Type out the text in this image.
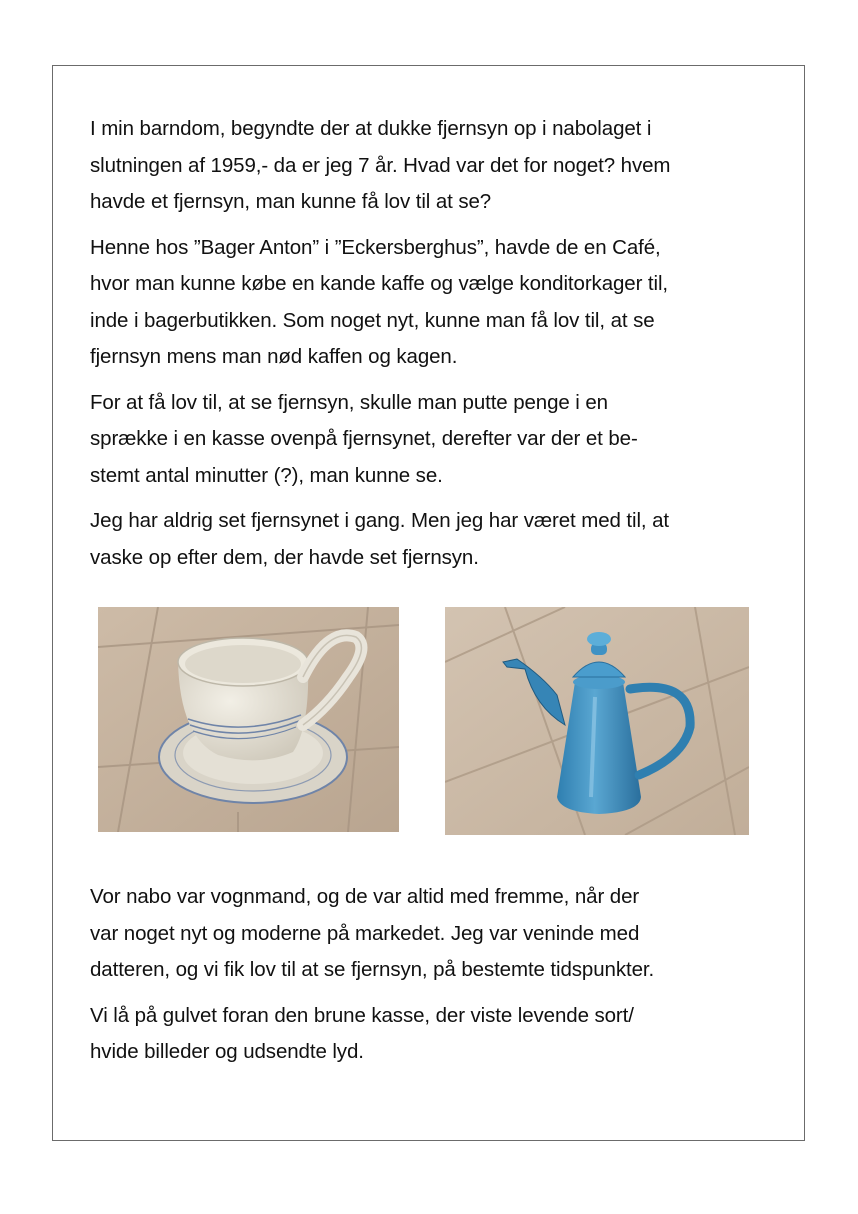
I min barndom, begyndte der at dukke fjernsyn op i nabolaget i
slutningen af 1959,- da er jeg 7 år. Hvad var det for noget? hvem
havde et fjernsyn, man kunne få lov til at se?

Henne hos ”Bager Anton” i ”Eckersberghus”, havde de en Café,
hvor man kunne købe en kande kaffe og vælge konditorkager til,
inde i bagerbutikken. Som noget nyt, kunne man få lov til, at se
fjernsyn mens man nød kaffen og kagen.

For at få lov til, at se fjernsyn, skulle man putte penge i en
sprække i en kasse ovenpå fjernsynet, derefter var der et be-
stemt antal minutter (?), man kunne se.

Jeg har aldrig set fjernsynet i gang. Men jeg har været med til, at
vaske op efter dem, der havde set fjernsyn.

Vor nabo var vognmand, og de var altid med fremme, når der
var noget nyt og moderne på markedet. Jeg var veninde med
datteren, og vi fik lov til at se fjernsyn, på bestemte tidspunkter.

Vi lå på gulvet foran den brune kasse, der viste levende sort/
hvide billeder og udsendte lyd.
